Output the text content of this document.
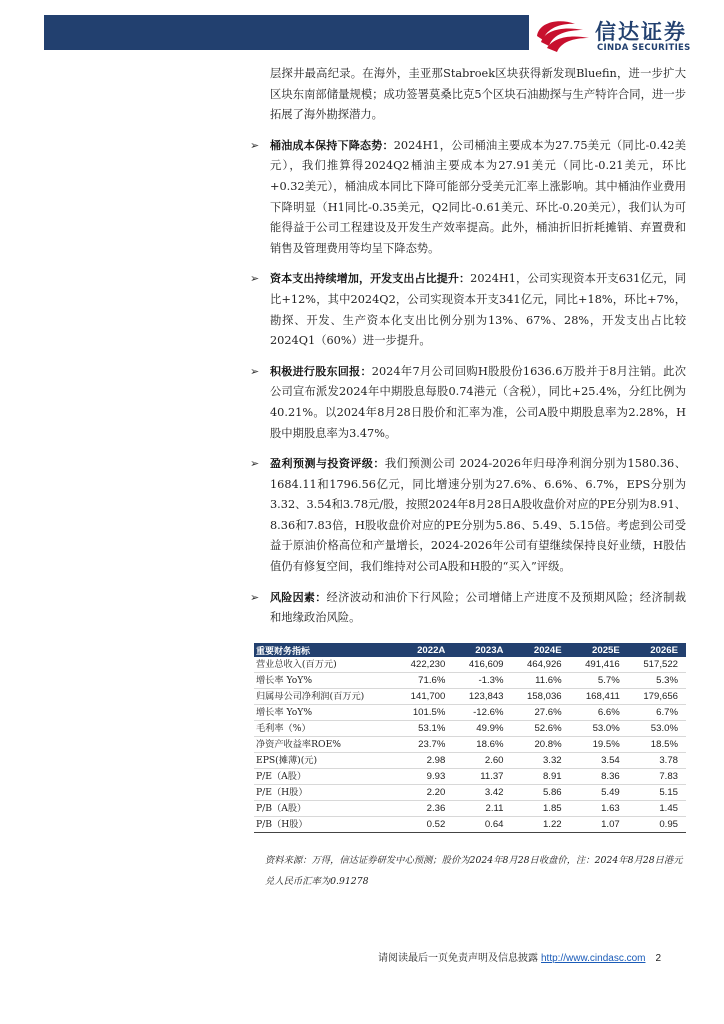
信达证券
CINDA SECURITIES

层探井最高纪录。在海外，圭亚那Stabroek区块获得新发现Bluefin，进一步扩大区块东南部储量规模；成功签署莫桑比克5个区块石油勘探与生产特许合同，进一步拓展了海外勘探潜力。

➢ 桶油成本保持下降态势：2024H1，公司桶油主要成本为27.75美元（同比-0.42美元），我们推算得2024Q2桶油主要成本为27.91美元（同比-0.21美元，环比+0.32美元），桶油成本同比下降可能部分受美元汇率上涨影响。其中桶油作业费用下降明显（H1同比-0.35美元，Q2同比-0.61美元、环比-0.20美元），我们认为可能得益于公司工程建设及开发生产效率提高。此外，桶油折旧折耗摊销、弃置费和销售及管理费用等均呈下降态势。
➢ 资本支出持续增加，开发支出占比提升：2024H1，公司实现资本开支631亿元，同比+12%，其中2024Q2，公司实现资本开支341亿元，同比+18%，环比+7%，勘探、开发、生产资本化支出比例分别为13%、67%、28%，开发支出占比较2024Q1（60%）进一步提升。
➢ 积极进行股东回报：2024年7月公司回购H股股份1636.6万股并于8月注销。此次公司宣布派发2024年中期股息每股0.74港元（含税），同比+25.4%，分红比例为40.21%。以2024年8月28日股价和汇率为准，公司A股中期股息率为2.28%，H股中期股息率为3.47%。
➢ 盈利预测与投资评级：我们预测公司 2024-2026年归母净利润分别为1580.36、1684.11和1796.56亿元，同比增速分别为27.6%、6.6%、6.7%，EPS分别为3.32、3.54和3.78元/股，按照2024年8月28日A股收盘价对应的PE分别为8.91、8.36和7.83倍，H股收盘价对应的PE分别为5.86、5.49、5.15倍。考虑到公司受益于原油价格高位和产量增长，2024-2026年公司有望继续保持良好业绩，H股估值仍有修复空间，我们维持对公司A股和H股的“买入”评级。
➢ 风险因素：经济波动和油价下行风险；公司增储上产进度不及预期风险；经济制裁和地缘政治风险。
重要财务指标	2022A	2023A	2024E	2025E	2026E
营业总收入(百万元)	422,230	416,609	464,926	491,416	517,522
增长率 YoY%	71.6%	-1.3%	11.6%	5.7%	5.3%
归属母公司净利润(百万元)	141,700	123,843	158,036	168,411	179,656
增长率 YoY%	101.5%	-12.6%	27.6%	6.6%	6.7%
毛利率（%）	53.1%	49.9%	52.6%	53.0%	53.0%
净资产收益率ROE%	23.7%	18.6%	20.8%	19.5%	18.5%
EPS(摊薄)(元)	2.98	2.60	3.32	3.54	3.78
P/E（A股）	9.93	11.37	8.91	8.36	7.83
P/E（H股）	2.20	3.42	5.86	5.49	5.15
P/B（A股）	2.36	2.11	1.85	1.63	1.45
P/B（H股）	0.52	0.64	1.22	1.07	0.95
资料来源：万得，信达证券研发中心预测；股价为2024年8月28日收盘价，注：2024年8月28日港元兑人民币汇率为0.91278
请阅读最后一页免责声明及信息披露 http://www.cindasc.com 2
